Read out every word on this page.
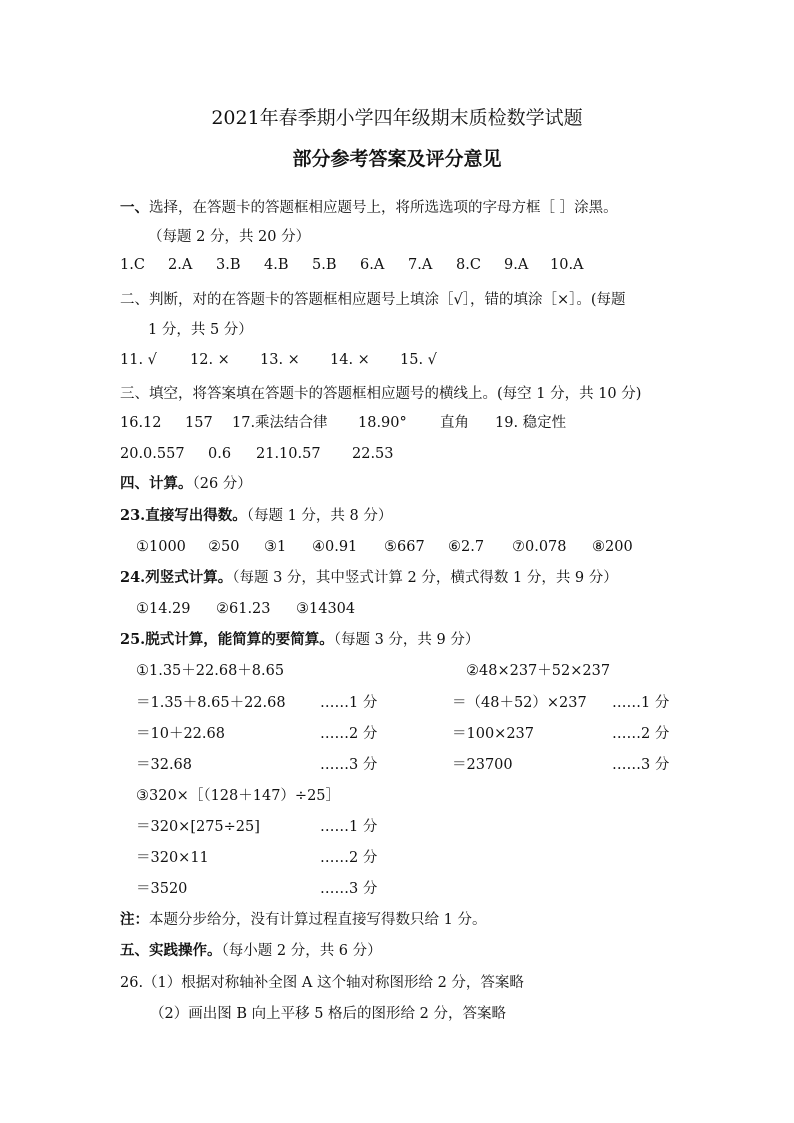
2021年春季期小学四年级期末质检数学试题
部分参考答案及评分意见
一、选择，在答题卡的答题框相应题号上，将所选选项的字母方框［ ］涂黑。
（每题 2 分，共 20 分）
1.C 2.A 3.B 4.B 5.B 6.A 7.A 8.C 9.A 10.A
二、判断，对的在答题卡的答题框相应题号上填涂［√］，错的填涂［×］。(每题
1 分，共 5 分）
11. √ 12. × 13. × 14. × 15. √
三、填空，将答案填在答题卡的答题框相应题号的横线上。(每空 1 分，共 10 分)
16.12 157 17.乘法结合律 18.90° 直角 19. 稳定性
20.0.557 0.6 21.10.57 22.53
四、计算。（26 分）
23.直接写出得数。（每题 1 分，共 8 分）
①1000 ②50 ③1 ④0.91 ⑤667 ⑥2.7 ⑦0.078 ⑧200
24.列竖式计算。（每题 3 分，其中竖式计算 2 分，横式得数 1 分，共 9 分）
①14.29 ②61.23 ③14304
25.脱式计算，能简算的要简算。（每题 3 分，共 9 分）
①1.35＋22.68＋8.65
＝1.35＋8.65＋22.68 ……1 分
＝10＋22.68	……2 分
＝32.68	……3 分
②48×237＋52×237
＝（48＋52）×237 ……1 分
＝100×237	……2 分
＝23700	……3 分
③320×［（128＋147）÷25］
＝320×[275÷25]	……1 分
＝320×11	……2 分
＝3520	……3 分
注：本题分步给分，没有计算过程直接写得数只给 1 分。
五、实践操作。（每小题 2 分，共 6 分）
26.（1）根据对称轴补全图 A 这个轴对称图形给 2 分，答案略
（2）画出图 B 向上平移 5 格后的图形给 2 分，答案略
